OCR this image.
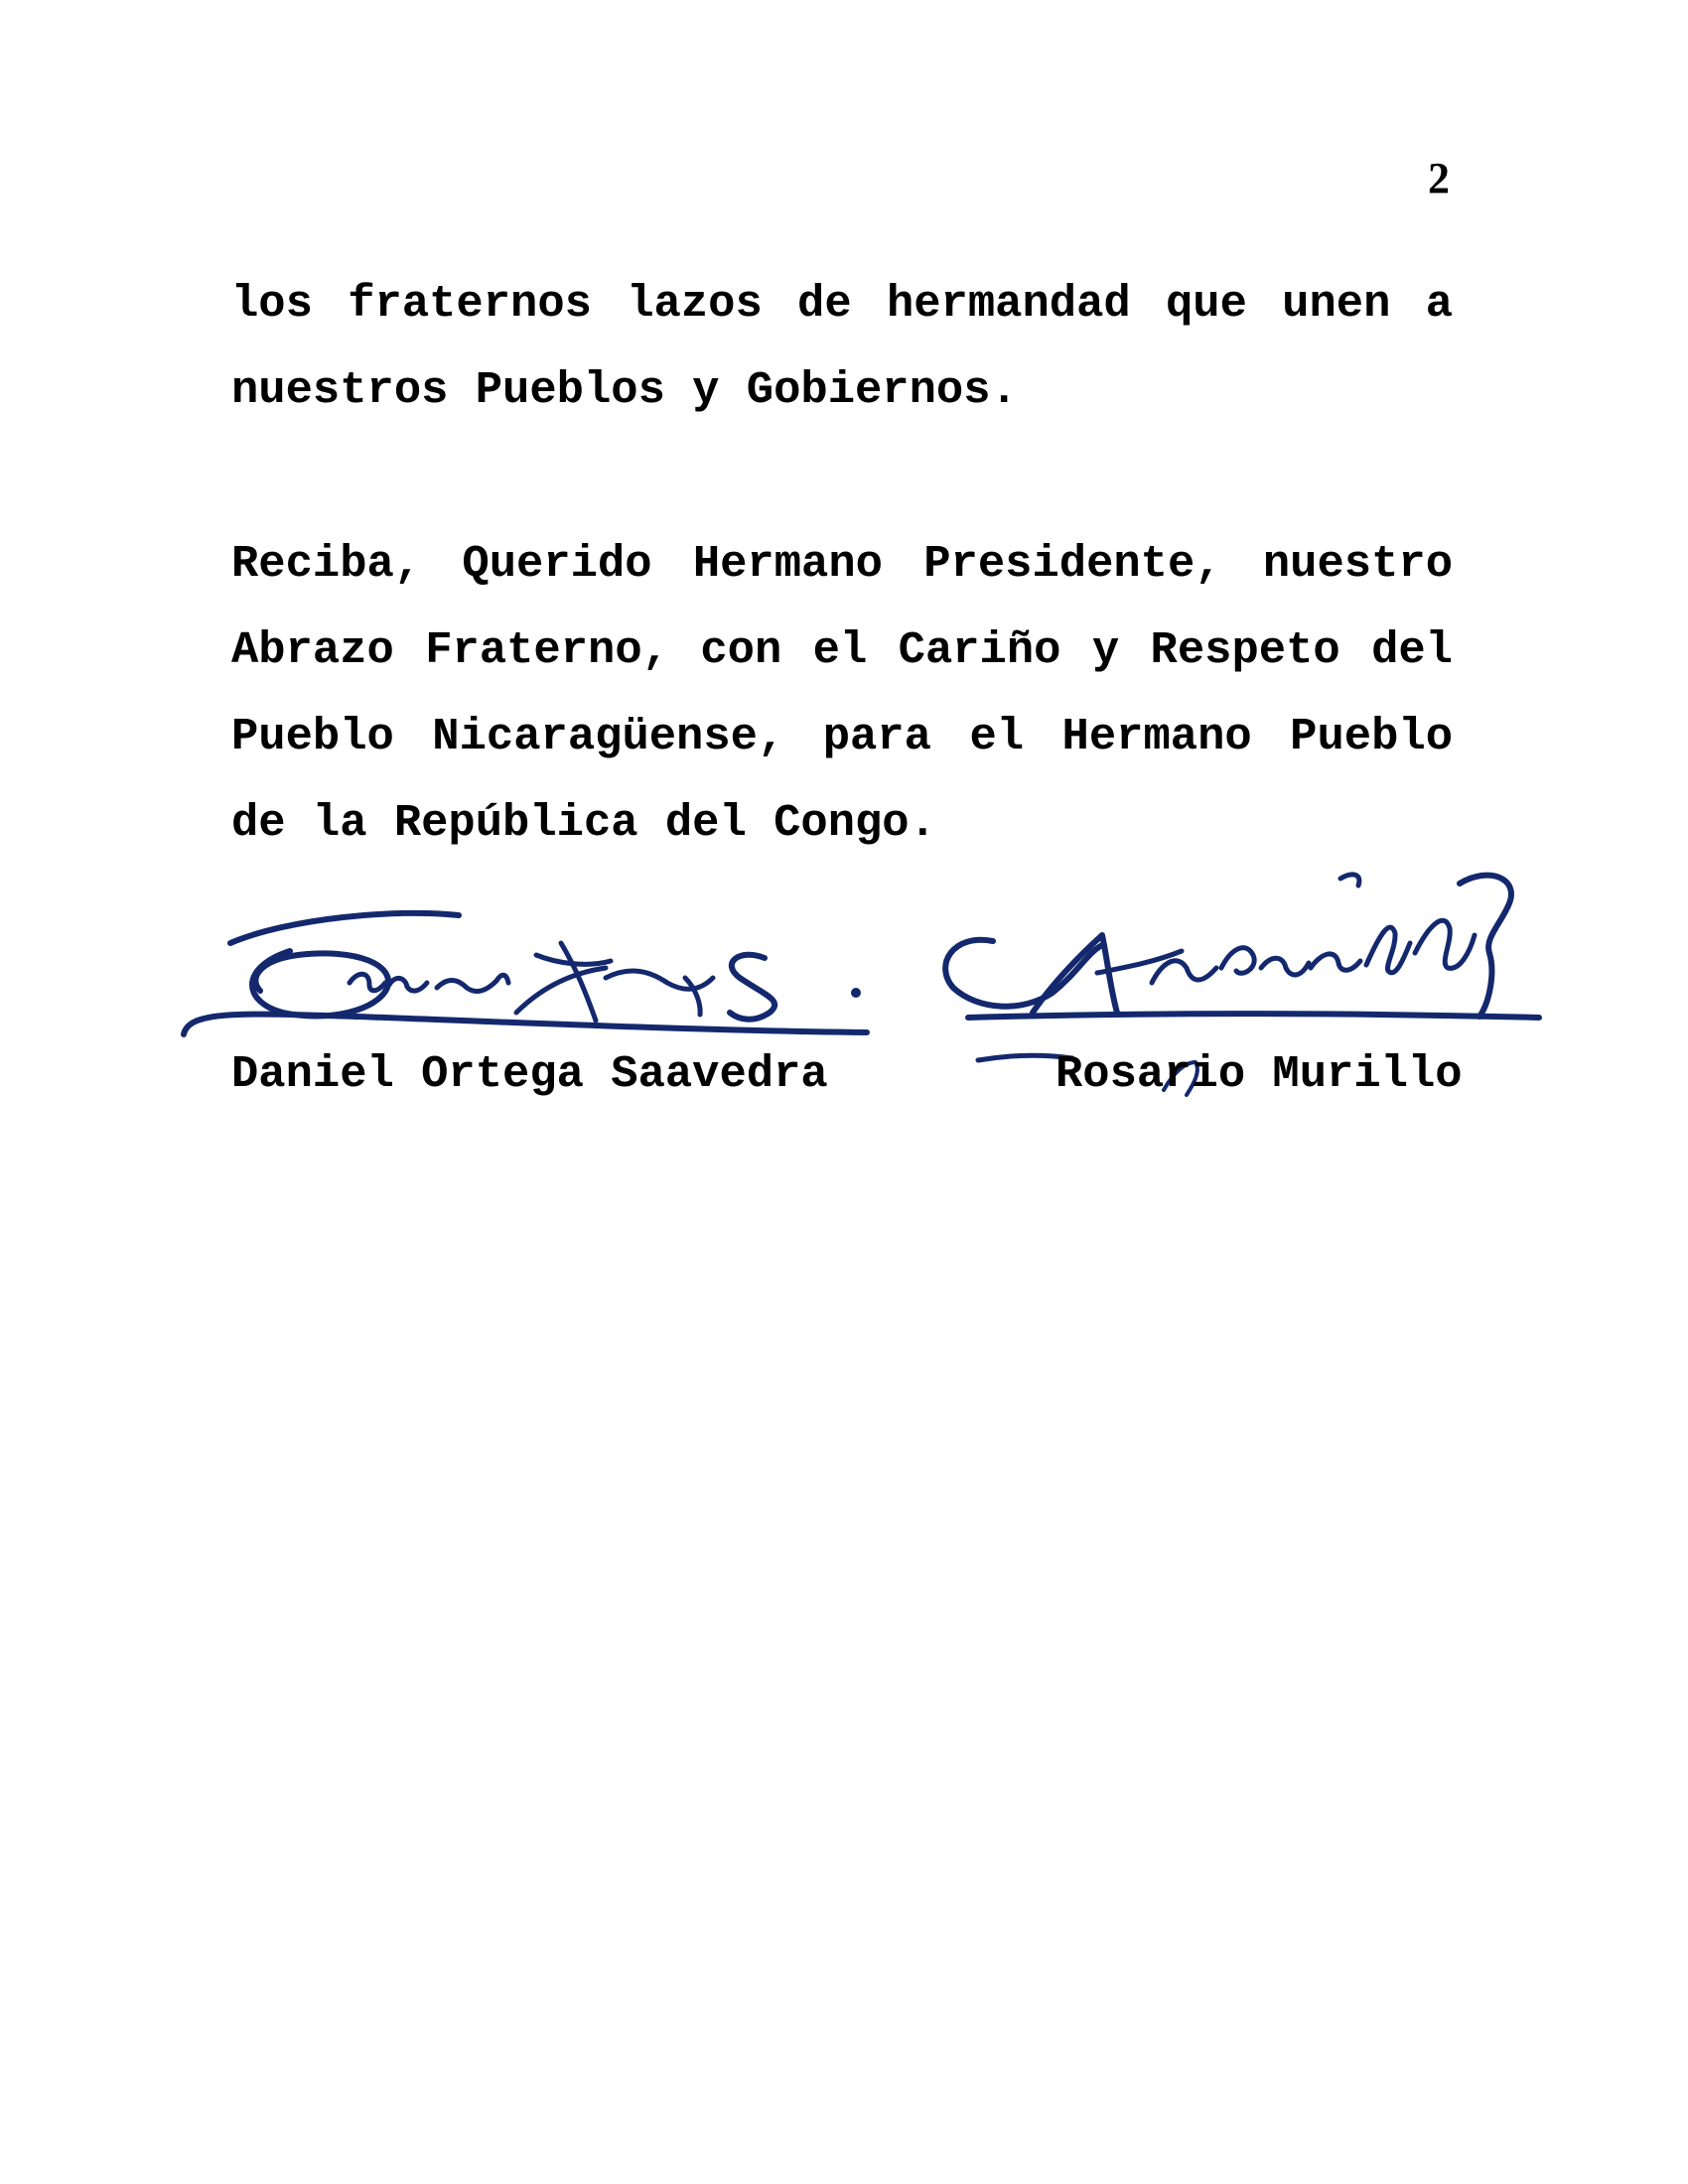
2

los fraternos lazos de hermandad que unen a
nuestros Pueblos y Gobiernos.

Reciba, Querido Hermano Presidente, nuestro
Abrazo Fraterno, con el Cariño y Respeto del
Pueblo Nicaragüense, para el Hermano Pueblo
de la República del Congo.

Daniel Ortega Saavedra	Rosario Murillo
